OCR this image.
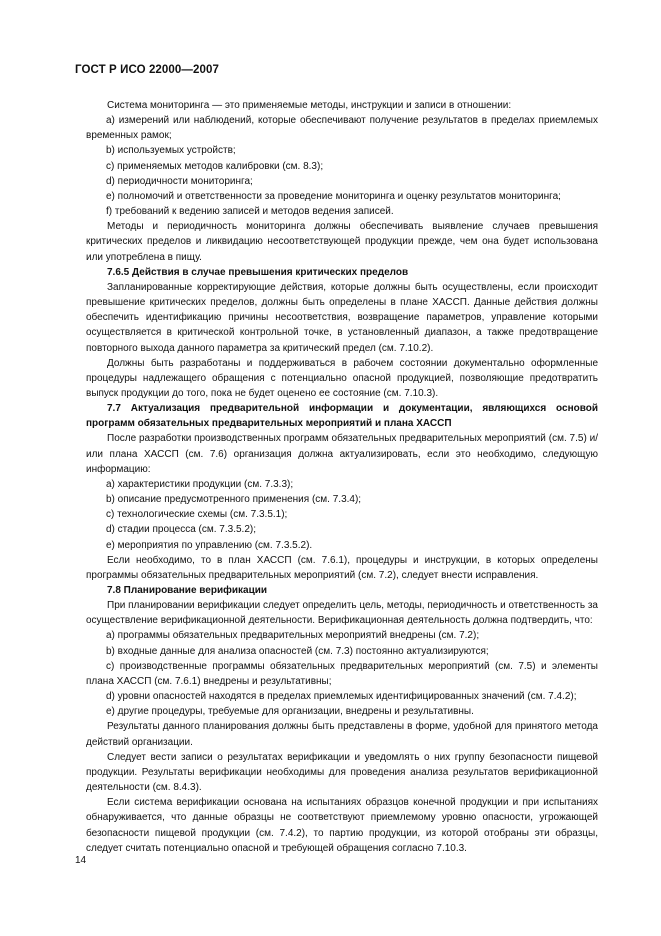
ГОСТ Р ИСО 22000—2007

Система мониторинга — это применяемые методы, инструкции и записи в отношении:

a) измерений или наблюдений, которые обеспечивают получение результатов в пределах приемлемых временных рамок;

b) используемых устройств;

c) применяемых методов калибровки (см. 8.3);

d) периодичности мониторинга;

e) полномочий и ответственности за проведение мониторинга и оценку результатов мониторинга;

f) требований к ведению записей и методов ведения записей.

Методы и периодичность мониторинга должны обеспечивать выявление случаев превышения критических пределов и ликвидацию несоответствующей продукции прежде, чем она будет использована или употреблена в пищу.

7.6.5 Действия в случае превышения критических пределов

Запланированные корректирующие действия, которые должны быть осуществлены, если происходит превышение критических пределов, должны быть определены в плане ХАССП. Данные действия должны обеспечить идентификацию причины несоответствия, возвращение параметров, управление которыми осуществляется в критической контрольной точке, в установленный диапазон, а также предотвращение повторного выхода данного параметра за критический предел (см. 7.10.2).

Должны быть разработаны и поддерживаться в рабочем состоянии документально оформленные процедуры надлежащего обращения с потенциально опасной продукцией, позволяющие предотвратить выпуск продукции до того, пока не будет оценено ее состояние (см. 7.10.3).

7.7 Актуализация предварительной информации и документации, являющихся основой программ обязательных предварительных мероприятий и плана ХАССП

После разработки производственных программ обязательных предварительных мероприятий (см. 7.5) и/или плана ХАССП (см. 7.6) организация должна актуализировать, если это необходимо, следующую информацию:

a) характеристики продукции (см. 7.3.3);

b) описание предусмотренного применения (см. 7.3.4);

c) технологические схемы (см. 7.3.5.1);

d) стадии процесса (см. 7.3.5.2);

e) мероприятия по управлению (см. 7.3.5.2).

Если необходимо, то в план ХАССП (см. 7.6.1), процедуры и инструкции, в которых определены программы обязательных предварительных мероприятий (см. 7.2), следует внести исправления.

7.8 Планирование верификации

При планировании верификации следует определить цель, методы, периодичность и ответственность за осуществление верификационной деятельности. Верификационная деятельность должна подтвердить, что:

a) программы обязательных предварительных мероприятий внедрены (см. 7.2);

b) входные данные для анализа опасностей (см. 7.3) постоянно актуализируются;

c) производственные программы обязательных предварительных мероприятий (см. 7.5) и элементы плана ХАССП (см. 7.6.1) внедрены и результативны;

d) уровни опасностей находятся в пределах приемлемых идентифицированных значений (см. 7.4.2);

e) другие процедуры, требуемые для организации, внедрены и результативны.

Результаты данного планирования должны быть представлены в форме, удобной для принятого метода действий организации.

Следует вести записи о результатах верификации и уведомлять о них группу безопасности пищевой продукции. Результаты верификации необходимы для проведения анализа результатов верификационной деятельности (см. 8.4.3).

Если система верификации основана на испытаниях образцов конечной продукции и при испытаниях обнаруживается, что данные образцы не соответствуют приемлемому уровню опасности, угрожающей безопасности пищевой продукции (см. 7.4.2), то партию продукции, из которой отобраны эти образцы, следует считать потенциально опасной и требующей обращения согласно 7.10.3.

14
